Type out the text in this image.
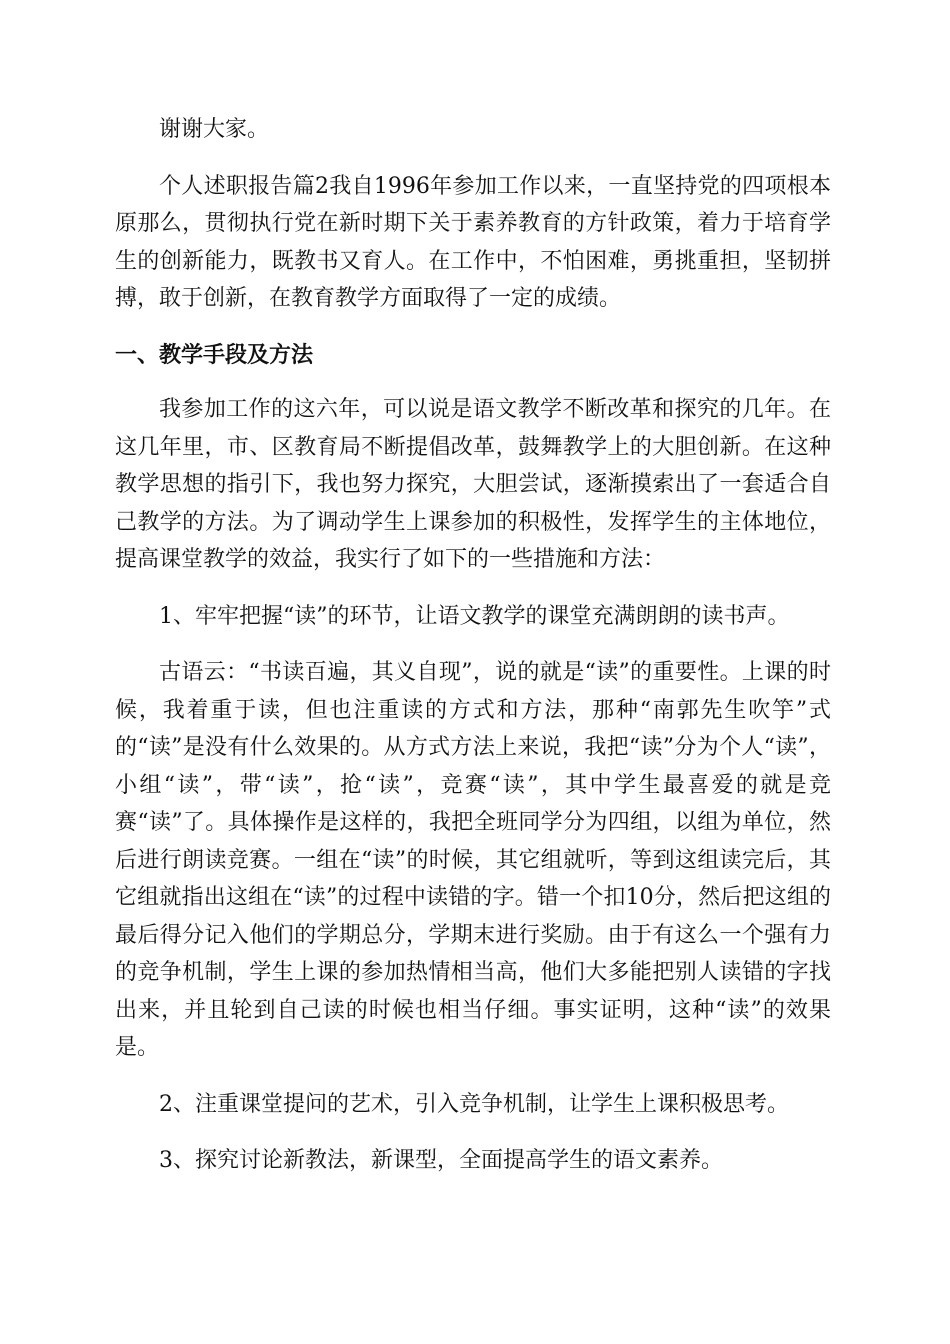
谢谢大家。

个人述职报告篇2我自1996年参加工作以来，一直坚持党的四项根本原那么，贯彻执行党在新时期下关于素养教育的方针政策，着力于培育学生的创新能力，既教书又育人。在工作中，不怕困难，勇挑重担，坚韧拼搏，敢于创新，在教育教学方面取得了一定的成绩。

一、教学手段及方法

我参加工作的这六年，可以说是语文教学不断改革和探究的几年。在这几年里，市、区教育局不断提倡改革，鼓舞教学上的大胆创新。在这种教学思想的指引下，我也努力探究，大胆尝试，逐渐摸索出了一套适合自己教学的方法。为了调动学生上课参加的积极性，发挥学生的主体地位，提高课堂教学的效益，我实行了如下的一些措施和方法：

1、牢牢把握“读”的环节，让语文教学的课堂充满朗朗的读书声。

古语云：“书读百遍，其义自现”，说的就是“读”的重要性。上课的时候，我着重于读，但也注重读的方式和方法，那种“南郭先生吹竽”式的“读”是没有什么效果的。从方式方法上来说，我把“读”分为个人“读”，小组“读”，带“读”，抢“读”，竞赛“读”，其中学生最喜爱的就是竞赛“读”了。具体操作是这样的，我把全班同学分为四组，以组为单位，然后进行朗读竞赛。一组在“读”的时候，其它组就听，等到这组读完后，其它组就指出这组在“读”的过程中读错的字。错一个扣10分，然后把这组的最后得分记入他们的学期总分，学期末进行奖励。由于有这么一个强有力的竞争机制，学生上课的参加热情相当高，他们大多能把别人读错的字找出来，并且轮到自己读的时候也相当仔细。事实证明，这种“读”的效果是。

2、注重课堂提问的艺术，引入竞争机制，让学生上课积极思考。

3、探究讨论新教法，新课型，全面提高学生的语文素养。
